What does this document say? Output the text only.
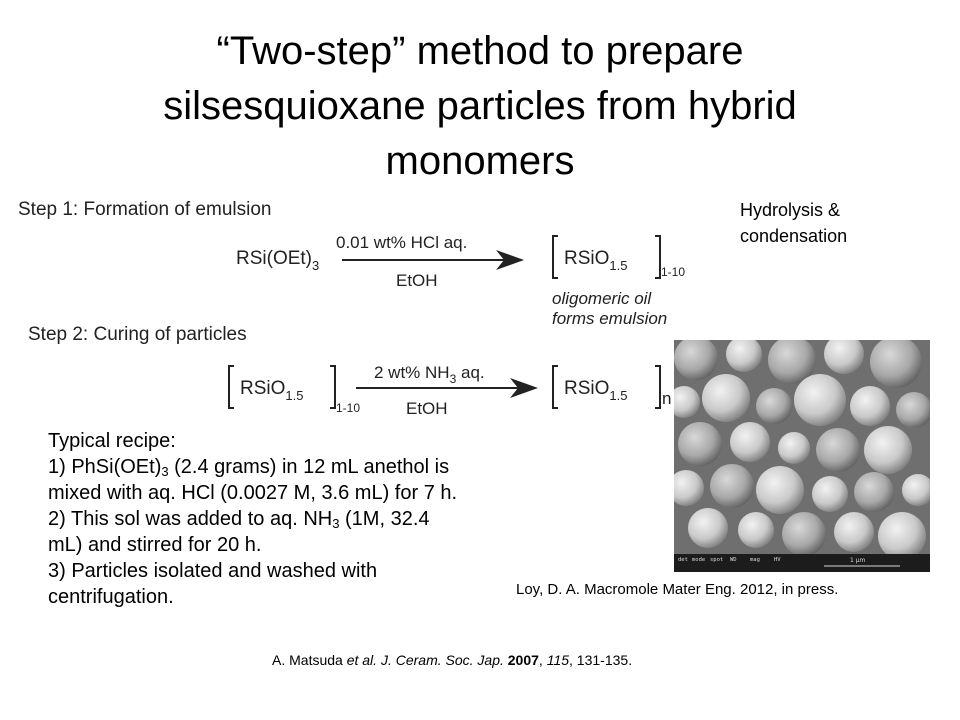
“Two-step” method to prepare
silsesquioxane particles from hybrid
monomers
Step 1: Formation of emulsion
$RSi(OEt)_3$
0.01 wt% HCl aq.
EtOH
RSiO$_{1.5}$	1-10
oligomeric oil
forms emulsion
Step 2: Curing of particles
RSiO$_{1.5}$
1-10
2 wt% $NH_3$ aq.
EtOH
RSiO$_{1.5}$ n
Hydrolysis &
condensation
det mode spot WD mag	HV	1 μm
Loy, D. A. Macromole Mater Eng. 2012, in press.
Typical recipe:
1) $PhSi(OEt)_3$ (2.4 grams) in 12 mL anethol is
mixed with aq. HCl (0.0027 M, 3.6 mL) for 7 h.
2) This sol was added to aq. $NH_3$ (1M, 32.4
mL) and stirred for 20 h.
3) Particles isolated and washed with
centrifugation.
A. Matsuda et al. J. Ceram. Soc. Jap. 2007, 115, 131-135.
